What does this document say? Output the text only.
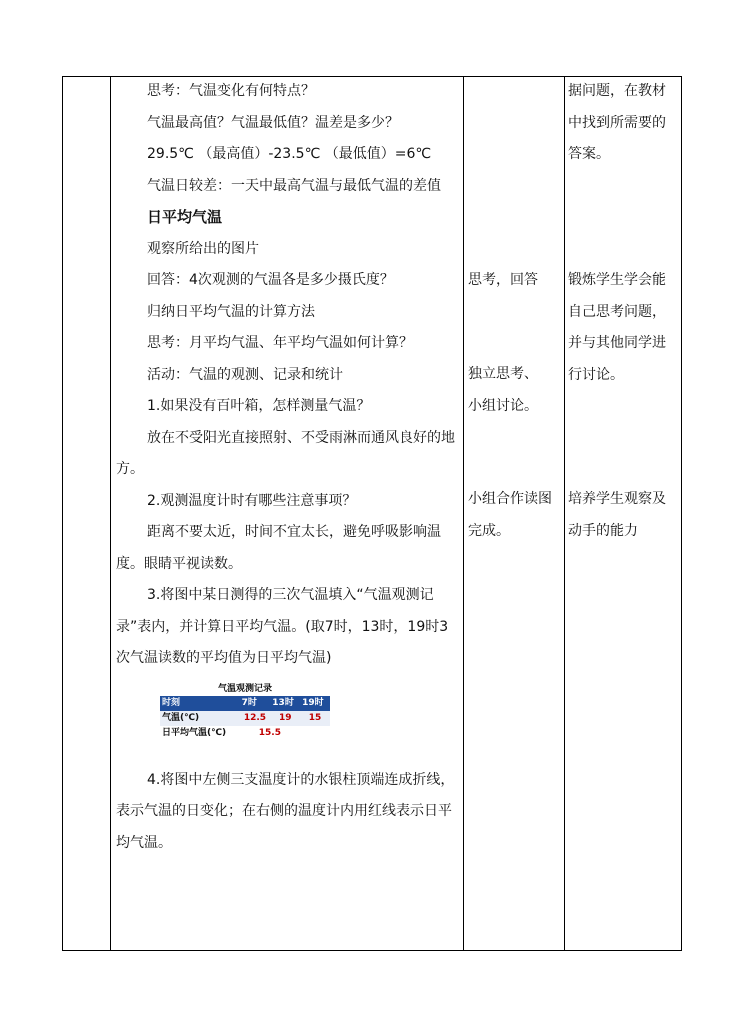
思考：气温变化有何特点？

气温最高值？气温最低值？温差是多少？

29.5℃ （最高值）-23.5℃ （最低值）=6℃

气温日较差：一天中最高气温与最低气温的差值

日平均气温

观察所给出的图片

回答：4次观测的气温各是多少摄氏度？

归纳日平均气温的计算方法

思考：月平均气温、年平均气温如何计算？

活动：气温的观测、记录和统计

1.如果没有百叶箱，怎样测量气温？

放在不受阳光直接照射、不受雨淋而通风良好的地方。

2.观测温度计时有哪些注意事项？

距离不要太近，时间不宜太长，避免呼吸影响温度。眼睛平视读数。

3.将图中某日测得的三次气温填入“气温观测记录”表内，并计算日平均气温。(取7时，13时，19时3次气温读数的平均值为日平均气温)

气温观测记录
时刻	7时	13时	19时
气温(℃)	12.5	19	15
日平均气温(℃)	15.5		

4.将图中左侧三支温度计的水银柱顶端连成折线，表示气温的日变化；在右侧的温度计内用红线表示日平均气温。

思考，回答

独立思考、

小组讨论。

小组合作读图完成。

据问题，在教材中找到所需要的答案。

锻炼学生学会能自己思考问题，并与其他同学进行讨论。

培养学生观察及动手的能力
